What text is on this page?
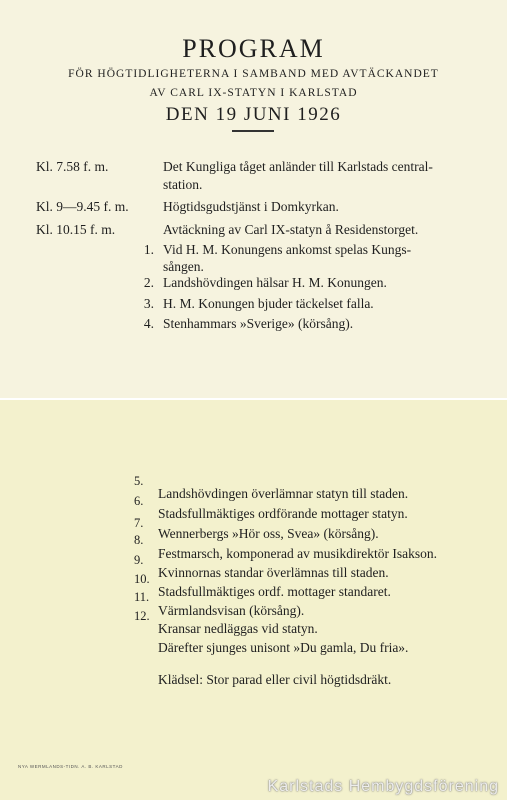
PROGRAM
FÖR HÖGTIDLIGHETERNA I SAMBAND MED AVTÄCKANDET
AV CARL IX-STATYN I KARLSTAD
DEN 19 JUNI 1926
Kl. 7.58 f. m.	Det Kungliga tåget anländer till Karlstads central-
station.
Kl. 9—9.45 f. m.	Högtidsgudstjänst i Domkyrkan.
Kl. 10.15 f. m.	Avtäckning av Carl IX-statyn å Residenstorget.
1. Vid H. M. Konungens ankomst spelas Kungs-
sången.
2. Landshövdingen hälsar H. M. Konungen.
3. H. M. Konungen bjuder täckelset falla.
4. Stenhammars »Sverige» (körsång).
5.
Landshövdingen överlämnar statyn till staden.
6.
Stadsfullmäktiges ordförande mottager statyn.
7.
Wennerbergs »Hör oss, Svea» (körsång).
8.
Festmarsch, komponerad av musikdirektör Isakson.
9.
Kvinnornas standar överlämnas till staden.
10.
Stadsfullmäktiges ordf. mottager standaret.
11.
Värmlandsvisan (körsång).
12.
Kransar nedläggas vid statyn.
Därefter sjunges unisont »Du gamla, Du fria».
Klädsel: Stor parad eller civil högtidsdräkt.
NYA WERMLANDS-TIDN. A. B. KARLSTAD
Karlstads Hembygdsförening
